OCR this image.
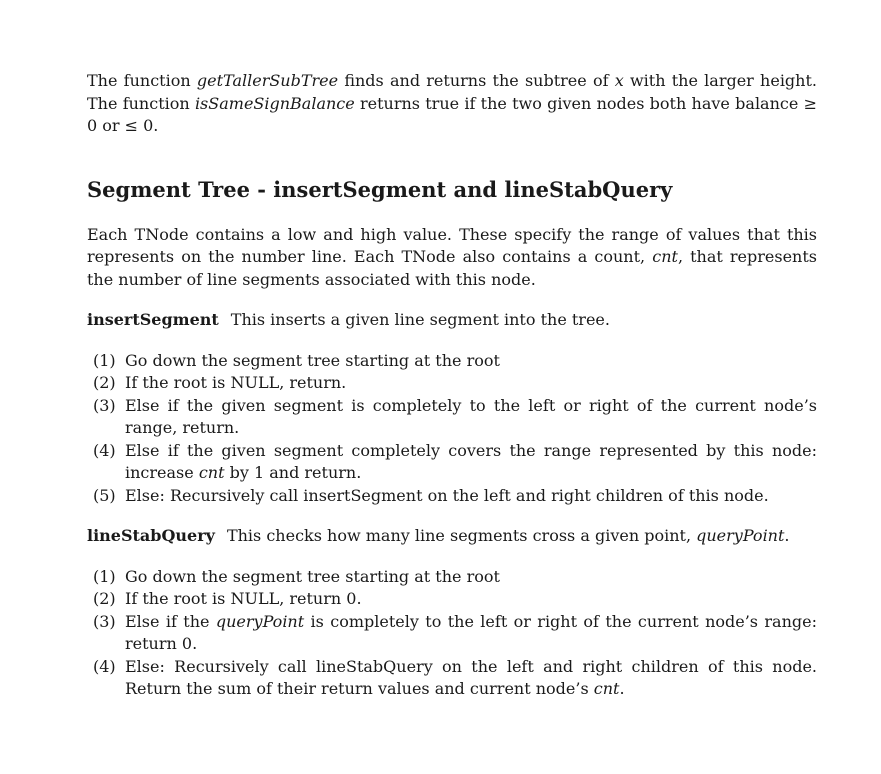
The function getTallerSubTree finds and returns the subtree of x with the larger height. The function isSameSignBalance returns true if the two given nodes both have balance ≥ 0 or ≤ 0.

Segment Tree - insertSegment and lineStabQuery

Each TNode contains a low and high value. These specify the range of values that this represents on the number line. Each TNode also contains a count, cnt, that represents the number of line segments associated with this node.

insertSegment This inserts a given line segment into the tree.

(1) Go down the segment tree starting at the root
(2) If the root is NULL, return.
(3) Else if the given segment is completely to the left or right of the current node’s range, return.
(4) Else if the given segment completely covers the range represented by this node: increase cnt by 1 and return.
(5) Else: Recursively call insertSegment on the left and right children of this node.

lineStabQuery This checks how many line segments cross a given point, queryPoint.

(1) Go down the segment tree starting at the root
(2) If the root is NULL, return 0.
(3) Else if the queryPoint is completely to the left or right of the current node’s range: return 0.
(4) Else: Recursively call lineStabQuery on the left and right children of this node. Return the sum of their return values and current node’s cnt.
